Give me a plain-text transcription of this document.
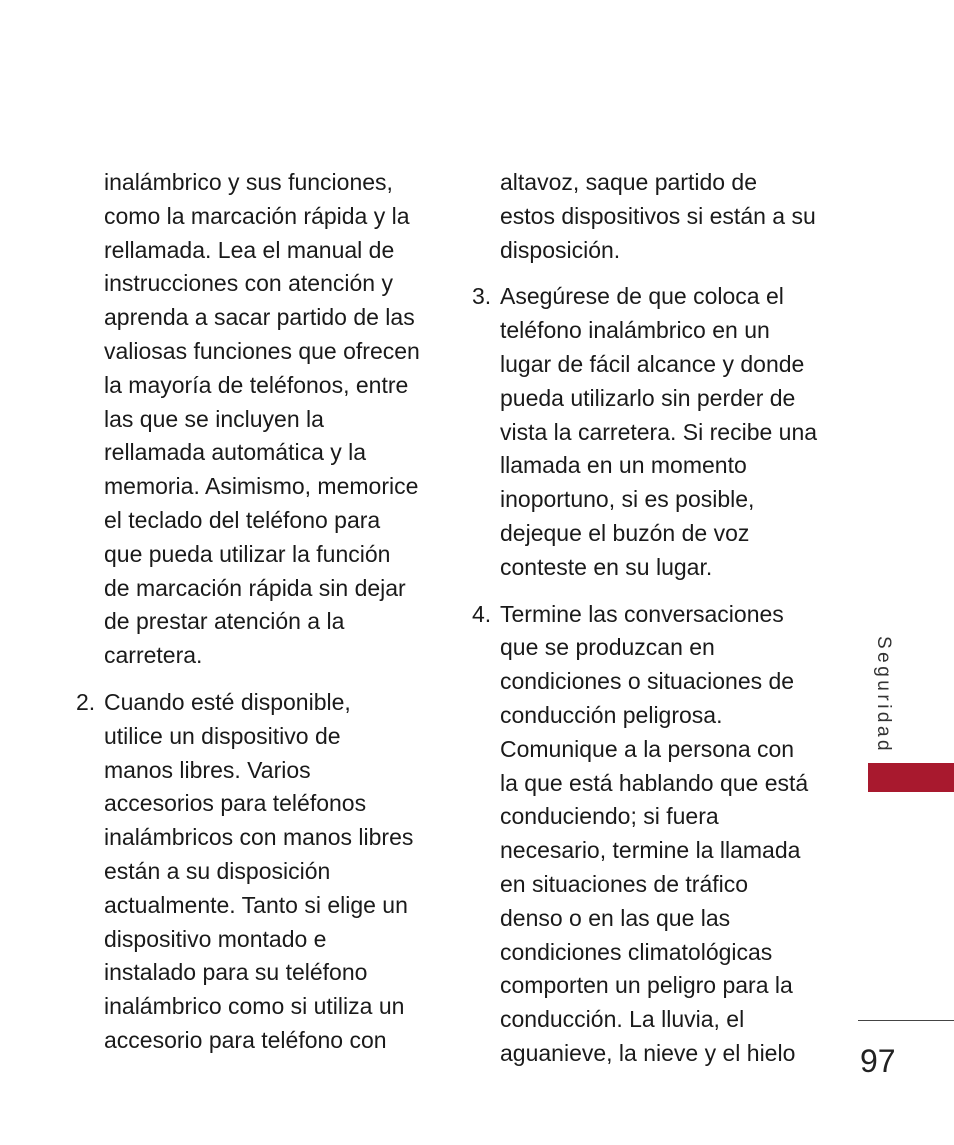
inalámbrico y sus funciones,
como la marcación rápida y la
rellamada. Lea el manual de
instrucciones con atención y
aprenda a sacar partido de las
valiosas funciones que ofrecen
la mayoría de teléfonos, entre
las que se incluyen la
rellamada automática y la
memoria. Asimismo, memorice
el teclado del teléfono para
que pueda utilizar la función
de marcación rápida sin dejar
de prestar atención a la
carretera.
2. Cuando esté disponible,
utilice un dispositivo de
manos libres. Varios
accesorios para teléfonos
inalámbricos con manos libres
están a su disposición
actualmente. Tanto si elige un
dispositivo montado e
instalado para su teléfono
inalámbrico como si utiliza un
accesorio para teléfono con
altavoz, saque partido de
estos dispositivos si están a su
disposición.
3. Asegúrese de que coloca el
teléfono inalámbrico en un
lugar de fácil alcance y donde
pueda utilizarlo sin perder de
vista la carretera. Si recibe una
llamada en un momento
inoportuno, si es posible,
dejeque el buzón de voz
conteste en su lugar.
4. Termine las conversaciones
que se produzcan en
condiciones o situaciones de
conducción peligrosa.
Comunique a la persona con
la que está hablando que está
conduciendo; si fuera
necesario, termine la llamada
en situaciones de tráfico
denso o en las que las
condiciones climatológicas
comporten un peligro para la
conducción. La lluvia, el
aguanieve, la nieve y el hielo
Seguridad
97
